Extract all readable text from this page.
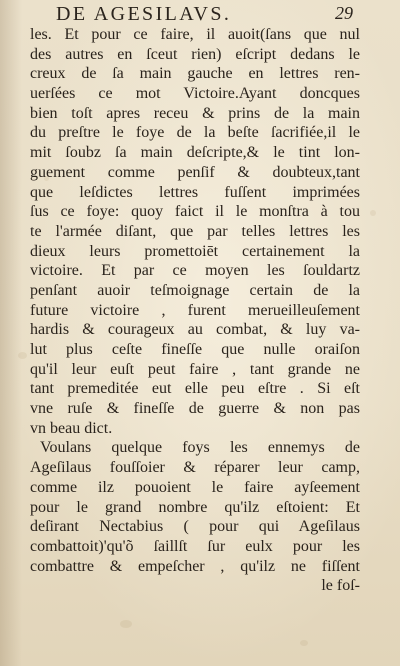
DE AGESILAVS.	29
les. Et pour ce faire, il auoit(ſans que nul
des autres en ſceut rien) eſcript dedans le
creux de ſa main gauche en lettres ren-
uerſées ce mot Victoire.Ayant doncques
bien toſt apres receu & prins de la main
du preſtre le foye de la beſte ſacrifiée,il le
mit ſoubz ſa main deſcripte,& le tint lon-
guement comme penſif & doubteux,tant
que leſdictes lettres fuſſent imprimées
ſus ce foye: quoy faict il le monſtra à tou
te l'armée diſant, que par telles lettres les
dieux leurs promettoiēt certainement la
victoire. Et par ce moyen les ſouldartz
penſant auoir teſmoignage certain de la
future victoire , furent merueilleuſement
hardis & courageux au combat, & luy va-
lut plus ceſte fineſſe que nulle oraiſon
qu'il leur euſt peut faire , tant grande ne
tant premeditée eut elle peu eſtre . Si eſt
vne ruſe & fineſſe de guerre & non pas
vn beau dict.
Voulans quelque foys les ennemys de
Ageſilaus fouſſoier & réparer leur camp,
comme ilz pouoient le faire ayſeement
pour le grand nombre qu'ilz eſtoient: Et
deſirant Nectabius ( pour qui Ageſilaus
combattoit)'qu'õ ſaillſt ſur eulx pour les
combattre & empeſcher , qu'ilz ne fiſſent
le foſ-
